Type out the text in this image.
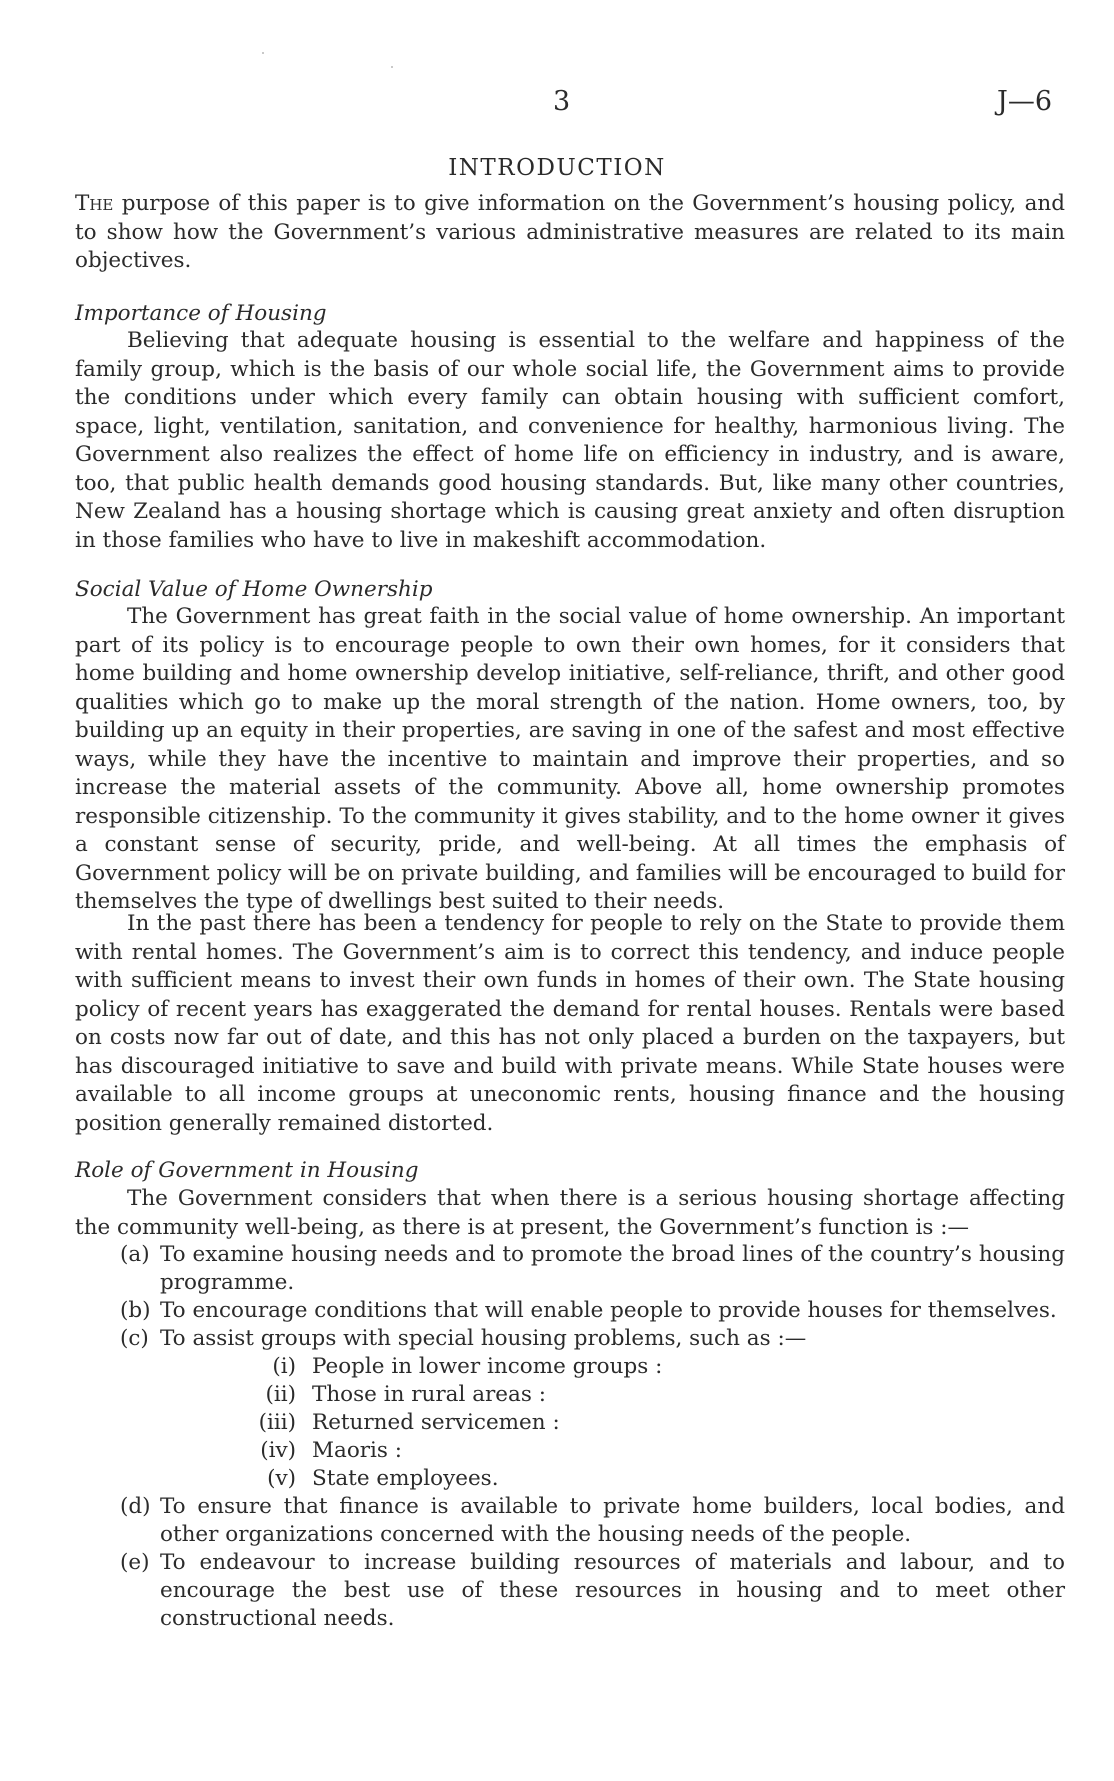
3	J—6
INTRODUCTION
The purpose of this paper is to give information on the Government’s housing policy, and to show how the Government’s various administrative measures are related to its main objectives.
Importance of Housing
Believing that adequate housing is essential to the welfare and happiness of the family group, which is the basis of our whole social life, the Government aims to provide the conditions under which every family can obtain housing with sufficient comfort, space, light, ventilation, sanitation, and convenience for healthy, harmonious living. The Government also realizes the effect of home life on efficiency in industry, and is aware, too, that public health demands good housing standards. But, like many other countries, New Zealand has a housing shortage which is causing great anxiety and often disruption in those families who have to live in makeshift accommodation.
Social Value of Home Ownership
The Government has great faith in the social value of home ownership. An important part of its policy is to encourage people to own their own homes, for it considers that home building and home ownership develop initiative, self-reliance, thrift, and other good qualities which go to make up the moral strength of the nation. Home owners, too, by building up an equity in their properties, are saving in one of the safest and most effective ways, while they have the incentive to maintain and improve their properties, and so increase the material assets of the community. Above all, home ownership promotes responsible citizenship. To the community it gives stability, and to the home owner it gives a constant sense of security, pride, and well-being. At all times the emphasis of Government policy will be on private building, and families will be encouraged to build for themselves the type of dwellings best suited to their needs.
In the past there has been a tendency for people to rely on the State to provide them with rental homes. The Government’s aim is to correct this tendency, and induce people with sufficient means to invest their own funds in homes of their own. The State housing policy of recent years has exaggerated the demand for rental houses. Rentals were based on costs now far out of date, and this has not only placed a burden on the taxpayers, but has discouraged initiative to save and build with private means. While State houses were available to all income groups at uneconomic rents, housing finance and the housing position generally remained distorted.
Role of Government in Housing
The Government considers that when there is a serious housing shortage affecting the community well-being, as there is at present, the Government’s function is :—
(a) To examine housing needs and to promote the broad lines of the country’s housing programme.
(b) To encourage conditions that will enable people to provide houses for themselves.
(c) To assist groups with special housing problems, such as :—
(i) People in lower income groups :
(ii) Those in rural areas :
(iii) Returned servicemen :
(iv) Maoris :
(v) State employees.
(d) To ensure that finance is available to private home builders, local bodies, and other organizations concerned with the housing needs of the people.
(e) To endeavour to increase building resources of materials and labour, and to encourage the best use of these resources in housing and to meet other constructional needs.
